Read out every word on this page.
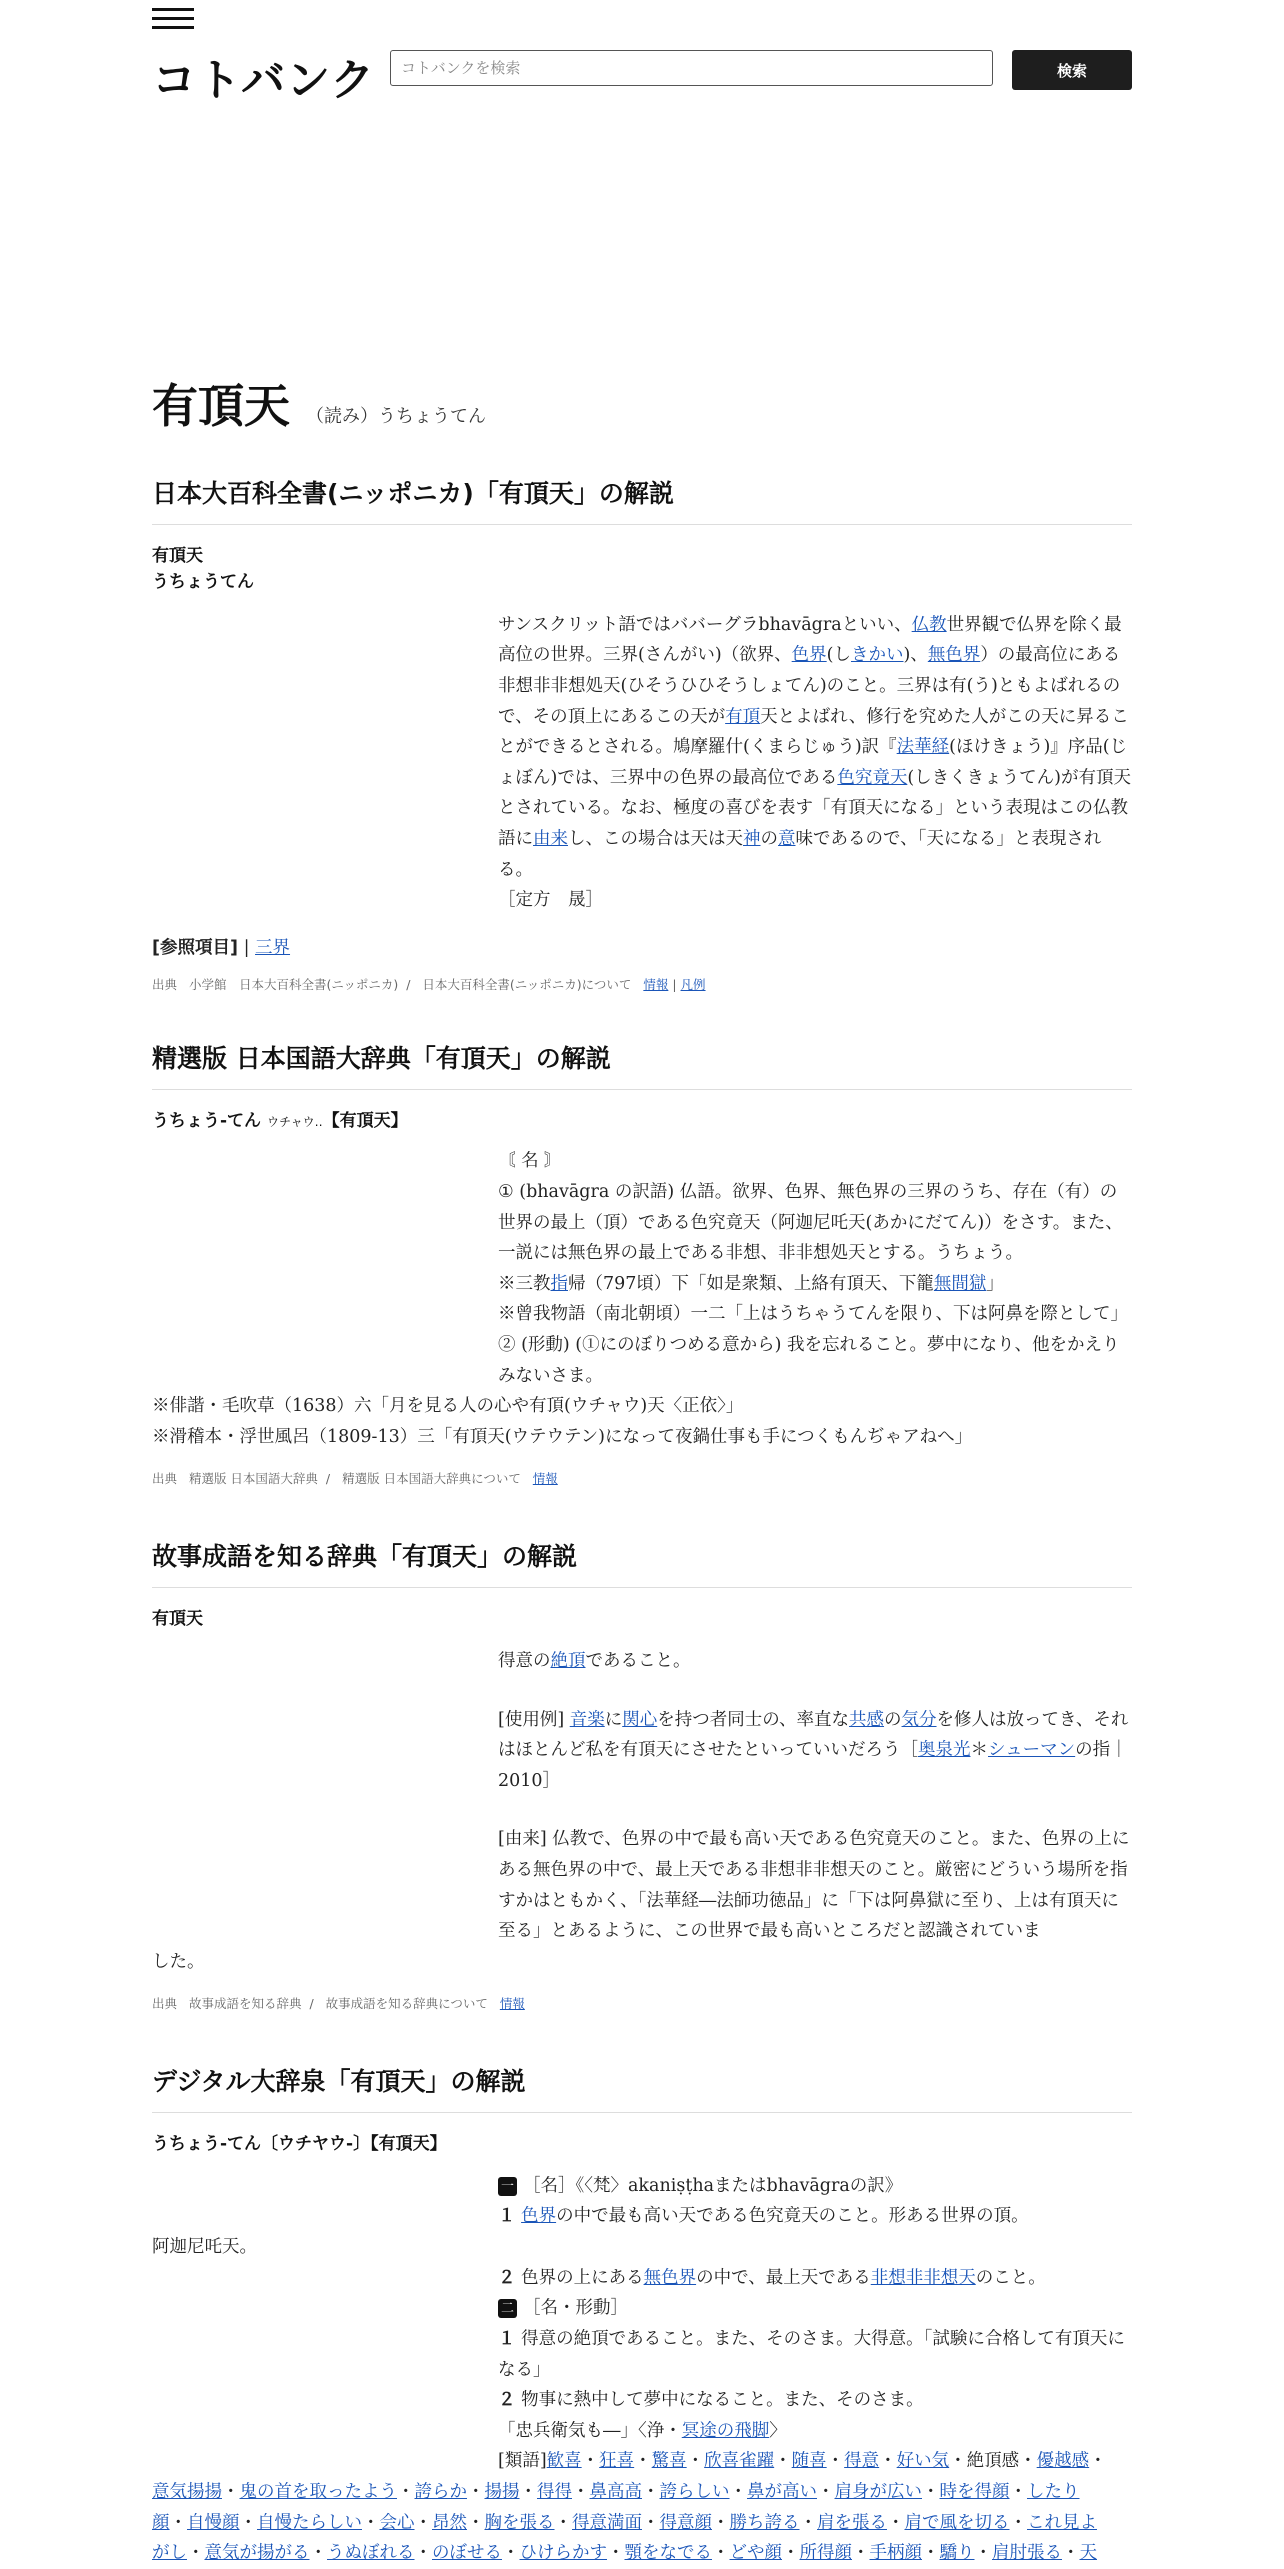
コトバンク
コトバンクを検索	検索
有頂天 （読み）うちょうてん
日本大百科全書(ニッポニカ)「有頂天」の解説
有頂天
うちょうてん

サンスクリット語ではババーグラbhavāgraといい、仏教世界観で仏界を除く最高位の世界。三界(さんがい)（欲界、色界(しきかい)、無色界）の最高位にある非想非非想処天(ひそうひひそうしょてん)のこと。三界は有(う)ともよばれるので、その頂上にあるこの天が有頂天とよばれ、修行を究めた人がこの天に昇ることができるとされる。鳩摩羅什(くまらじゅう)訳『法華経(ほけきょう)』序品(じょぼん)では、三界中の色界の最高位である色究竟天(しきくきょうてん)が有頂天とされている。なお、極度の喜びを表す「有頂天になる」という表現はこの仏教語に由来し、この場合は天は天神の意味であるので、「天になる」と表現される。

［定方　晟］

[参照項目] | 三界
出典 小学館　日本大百科全書(ニッポニカ) / 日本大百科全書(ニッポニカ)について 情報 | 凡例
精選版 日本国語大辞典「有頂天」の解説
うちょう‐てん ウチャウ‥【有頂天】

〘 名 〙

① (bhavāgra の訳語) 仏語。欲界、色界、無色界の三界のうち、存在（有）の世界の最上（頂）である色究竟天（阿迦尼吒天(あかにだてん)）をさす。また、一説には無色界の最上である非想、非非想処天とする。うちょう。

※三教指帰（797頃）下「如是衆類、上絡有頂天、下籠無間獄」

※曾我物語（南北朝頃）一二「上はうちゃうてんを限り、下は阿鼻を際として」

② (形動) (①にのぼりつめる意から) 我を忘れること。夢中になり、他をかえりみないさま。

※俳諧・毛吹草（1638）六「月を見る人の心や有頂(ウチャウ)天〈正依〉」
※滑稽本・浮世風呂（1809‐13）三「有頂天(ウテウテン)になって夜鍋仕事も手につくもんぢゃアねへ」
出典 精選版 日本国語大辞典 / 精選版 日本国語大辞典について 情報
故事成語を知る辞典「有頂天」の解説
有頂天

得意の絶頂であること。

[使用例] 音楽に関心を持つ者同士の、率直な共感の気分を修人は放ってき、それはほとんど私を有頂天にさせたといっていいだろう［奥泉光＊シューマンの指｜2010］

[由来] 仏教で、色界の中で最も高い天である色究竟天のこと。また、色界の上にある無色界の中で、最上天である非想非非想天のこと。厳密にどういう場所を指すかはともかく、「法華経―法師功徳品」に「下は阿鼻獄に至り、上は有頂天に至る」とあるように、この世界で最も高いところだと認識されていま

した。
出典 故事成語を知る辞典 / 故事成語を知る辞典について 情報
デジタル大辞泉「有頂天」の解説
うちょう‐てん〔ウチヤウ‐〕【有頂天】

一 ［名］《〈梵〉akaniṣṭhaまたはbhavāgraの訳》

１ 色界の中で最も高い天である色究竟天のこと。形ある世界の頂。

阿迦尼吒天。

２ 色界の上にある無色界の中で、最上天である非想非非想天のこと。

二 ［名・形動］

１ 得意の絶頂であること。また、そのさま。大得意。「試験に合格して有頂天になる」

２ 物事に熱中して夢中になること。また、そのさま。

「忠兵衛気も―」〈浄・冥途の飛脚〉

[類語]歓喜・狂喜・驚喜・欣喜雀躍・随喜・得意・好い気・絶頂感・優越感・

意気揚揚・鬼の首を取ったよう・誇らか・揚揚・得得・鼻高高・誇らしい・鼻が高い・肩身が広い・時を得顔・したり
顔・自慢顔・自慢たらしい・会心・昂然・胸を張る・得意満面・得意顔・勝ち誇る・肩を張る・肩で風を切る・これ見よ
がし・意気が揚がる・うぬぼれる・のぼせる・ひけらかす・顎をなでる・どや顔・所得顔・手柄顔・驕り・肩肘張る・天
